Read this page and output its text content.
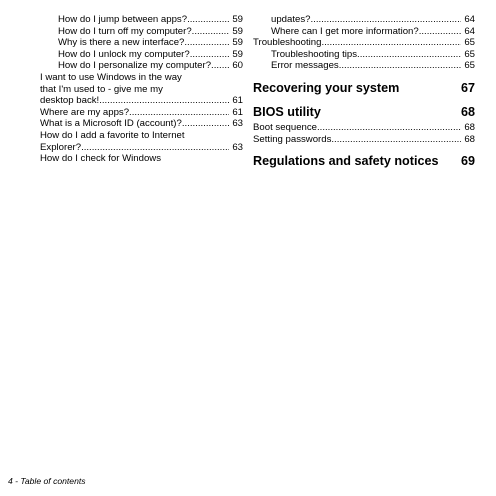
How do I jump between apps? .....	59
How do I turn off my computer? .....	59
Why is there a new interface? .....	59
How do I unlock my computer? .....	59
How do I personalize my computer? .....	60
I want to use Windows in the way
that I'm used to - give me my
desktop back! .....	61
Where are my apps? .....	61
What is a Microsoft ID (account)? .....	63
How do I add a favorite to Internet
Explorer? .....	63
How do I check for Windows
updates? .....	64
Where can I get more information? .....	64
Troubleshooting .....	65
Troubleshooting tips .....	65
Error messages .....	65
Recovering your system	67
BIOS utility	68
Boot sequence .....	68
Setting passwords .....	68
Regulations and safety notices 69
4 - Table of contents
